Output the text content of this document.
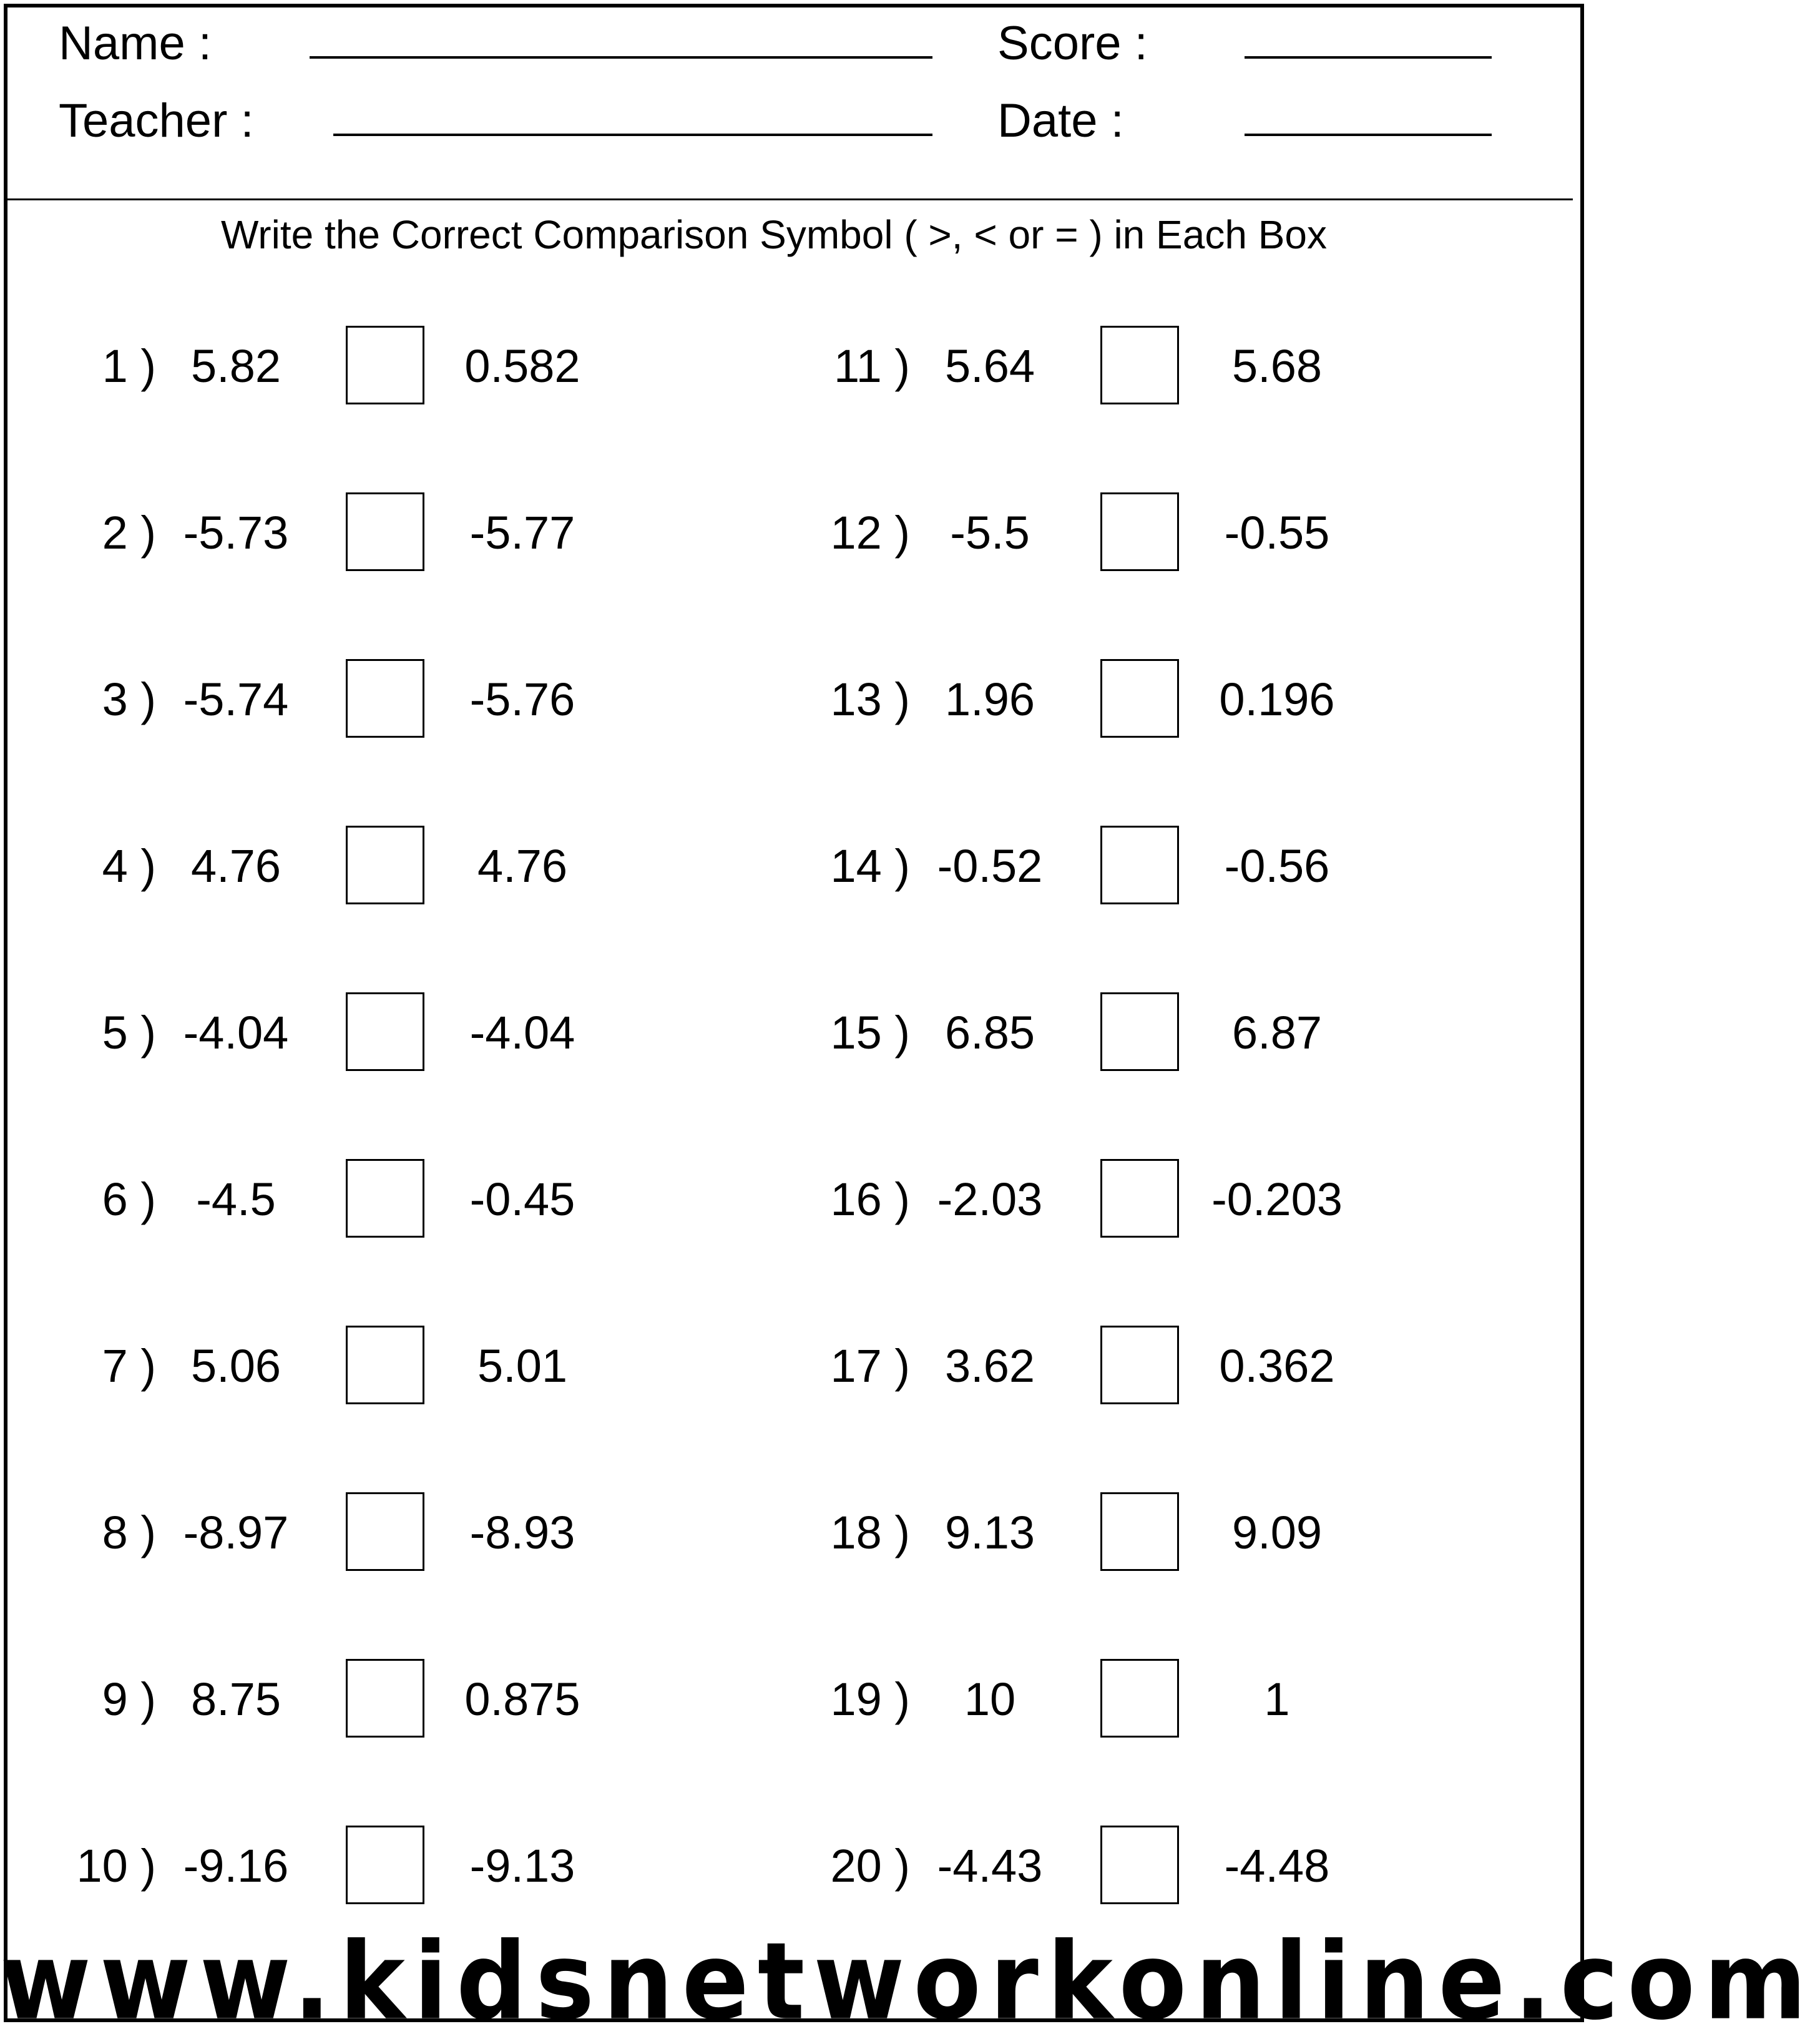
Name :	Score :
Teacher :	Date :
Write the Correct Comparison Symbol ( >, < or = ) in Each Box
1 ) 5.82	0.582
2 ) -5.73	-5.77
3 ) -5.74	-5.76
4 ) 4.76	4.76
5 ) -4.04	-4.04
6 ) -4.5	-0.45
7 ) 5.06	5.01
8 ) -8.97	-8.93
9 ) 8.75	0.875
10 ) -9.16	-9.13
11 ) 5.64	5.68
12 ) -5.5	-0.55
13 ) 1.96	0.196
14 ) -0.52	-0.56
15 ) 6.85	6.87
16 ) -2.03	-0.203
17 ) 3.62	0.362
18 ) 9.13	9.09
19 )	10	1
20 ) -4.43	-4.48
www.kidsnetworkonline.com
